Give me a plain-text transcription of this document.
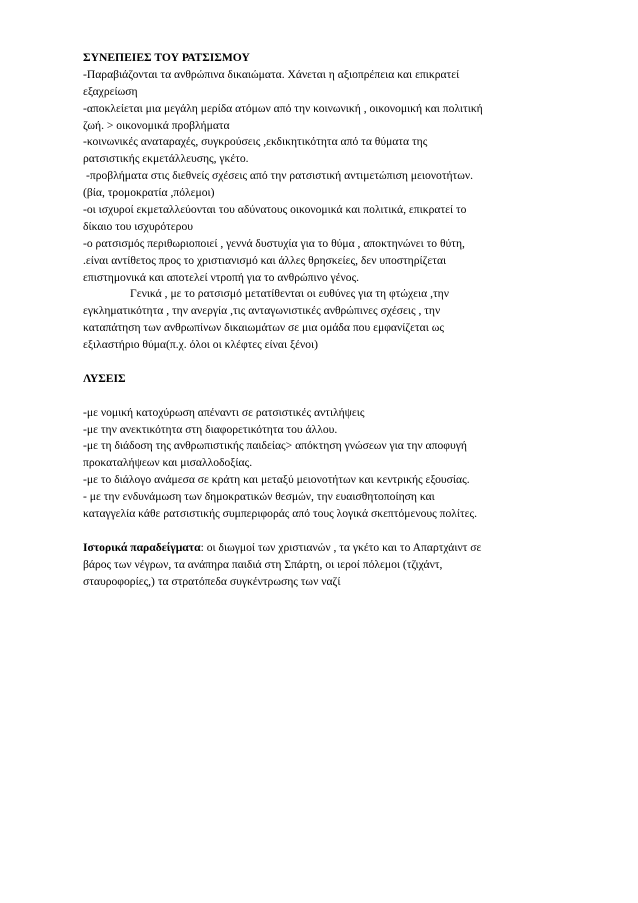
ΣΥΝΕΠΕΙΕΣ ΤΟΥ ΡΑΤΣΙΣΜΟΥ
-Παραβιάζονται τα ανθρώπινα δικαιώματα. Χάνεται η αξιοπρέπεια και επικρατεί
εξαχρείωση
-αποκλείεται μια μεγάλη μερίδα ατόμων από την κοινωνική , οικονομική και πολιτική
ζωή. > οικονομικά προβλήματα
-κοινωνικές αναταραχές, συγκρούσεις ,εκδικητικότητα από τα θύματα της
ρατσιστικής εκμετάλλευσης, γκέτο.
-προβλήματα στις διεθνείς σχέσεις από την ρατσιστική αντιμετώπιση μειονοτήτων.
(βία, τρομοκρατία ,πόλεμοι)
-οι ισχυροί εκμεταλλεύονται του αδύνατους οικονομικά και πολιτικά, επικρατεί το
δίκαιο του ισχυρότερου
-ο ρατσισμός περιθωριοποιεί , γεννά δυστυχία για το θύμα , αποκτηνώνει το θύτη,
.είναι αντίθετος προς το χριστιανισμό και άλλες θρησκείες, δεν υποστηρίζεται
επιστημονικά και αποτελεί ντροπή για το ανθρώπινο γένος.
Γενικά , με το ρατσισμό μετατίθενται οι ευθύνες για τη φτώχεια ,την
εγκληματικότητα , την ανεργία ,τις ανταγωνιστικές ανθρώπινες σχέσεις , την
καταπάτηση των ανθρωπίνων δικαιωμάτων σε μια ομάδα που εμφανίζεται ως
εξιλαστήριο θύμα(π.χ. όλοι οι κλέφτες είναι ξένοι)
ΛΥΣΕΙΣ
-με νομική κατοχύρωση απέναντι σε ρατσιστικές αντιλήψεις
-με την ανεκτικότητα στη διαφορετικότητα του άλλου.
-με τη διάδοση της ανθρωπιστικής παιδείας> απόκτηση γνώσεων για την αποφυγή
προκαταλήψεων και μισαλλοδοξίας.
-με το διάλογο ανάμεσα σε κράτη και μεταξύ μειονοτήτων και κεντρικής εξουσίας.
- με την ενδυνάμωση των δημοκρατικών θεσμών, την ευαισθητοποίηση και
καταγγελία κάθε ρατσιστικής συμπεριφοράς από τους λογικά σκεπτόμενους πολίτες.
Ιστορικά παραδείγματα: οι διωγμοί των χριστιανών , τα γκέτο και το Απαρτχάιντ σε
βάρος των νέγρων, τα ανάπηρα παιδιά στη Σπάρτη, οι ιεροί πόλεμοι (τζιχάντ,
σταυροφορίες,) τα στρατόπεδα συγκέντρωσης των ναζί
